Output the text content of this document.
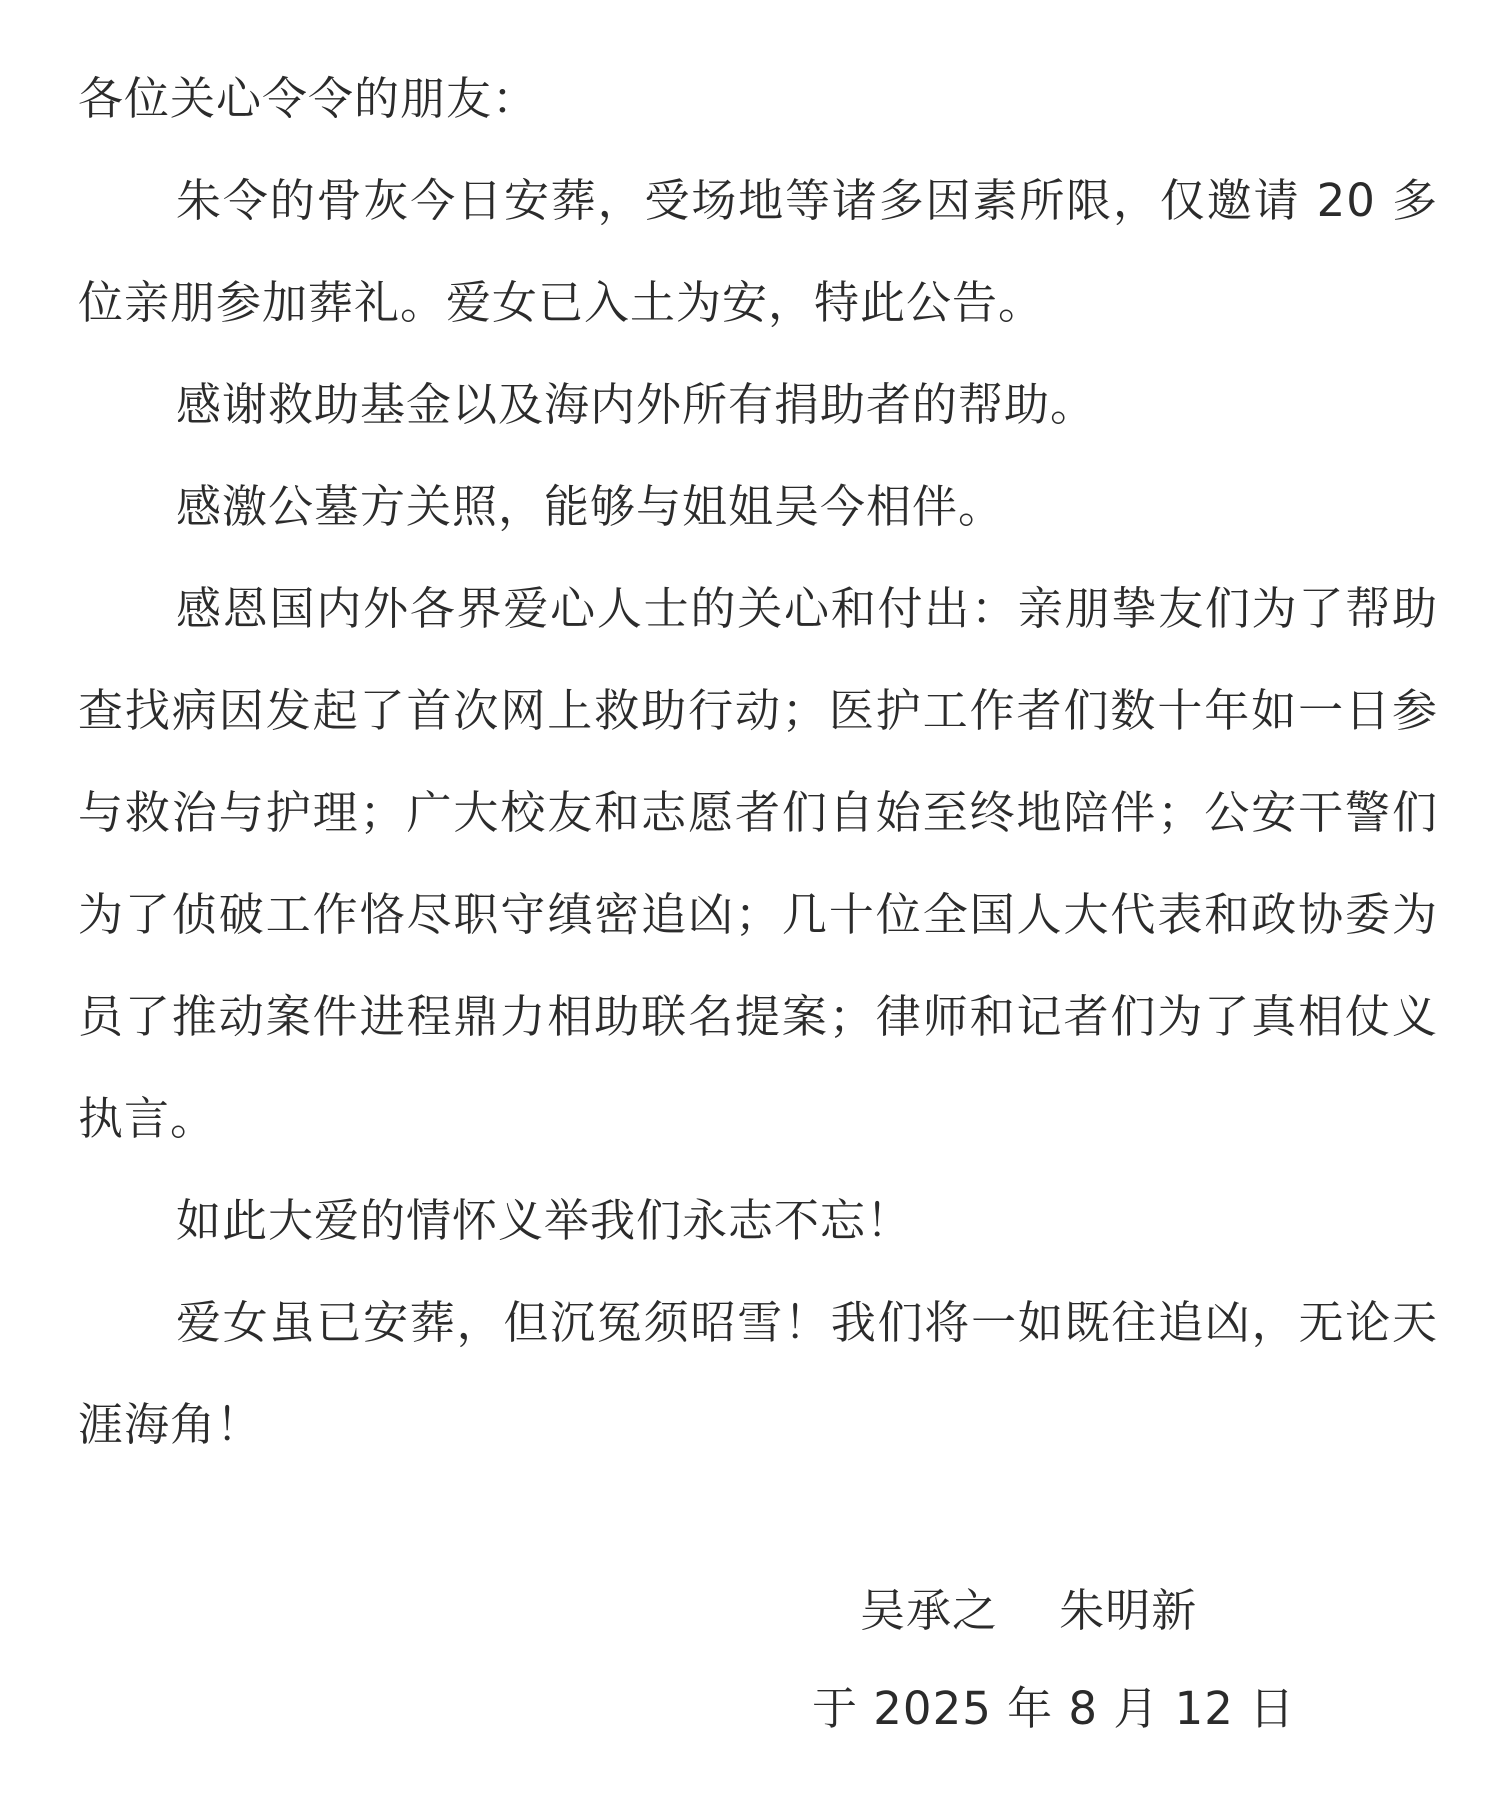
各位关心令令的朋友：

朱令的骨灰今日安葬，受场地等诸多因素所限，仅邀请 20 多位亲朋参加葬礼。爱女已入土为安，特此公告。

感谢救助基金以及海内外所有捐助者的帮助。

感激公墓方关照，能够与姐姐吴今相伴。

感恩国内外各界爱心人士的关心和付出：亲朋挚友们为了帮助查找病因发起了首次网上救助行动；医护工作者们数十年如一日参与救治与护理；广大校友和志愿者们自始至终地陪伴；公安干警们为了侦破工作恪尽职守缜密追凶；几十位全国人大代表和政协委为员了推动案件进程鼎力相助联名提案；律师和记者们为了真相仗义执言。

如此大爱的情怀义举我们永志不忘！

爱女虽已安葬，但沉冤须昭雪！我们将一如既往追凶，无论天涯海角！

吴承之　 朱明新
于 2025 年 8 月 12 日
